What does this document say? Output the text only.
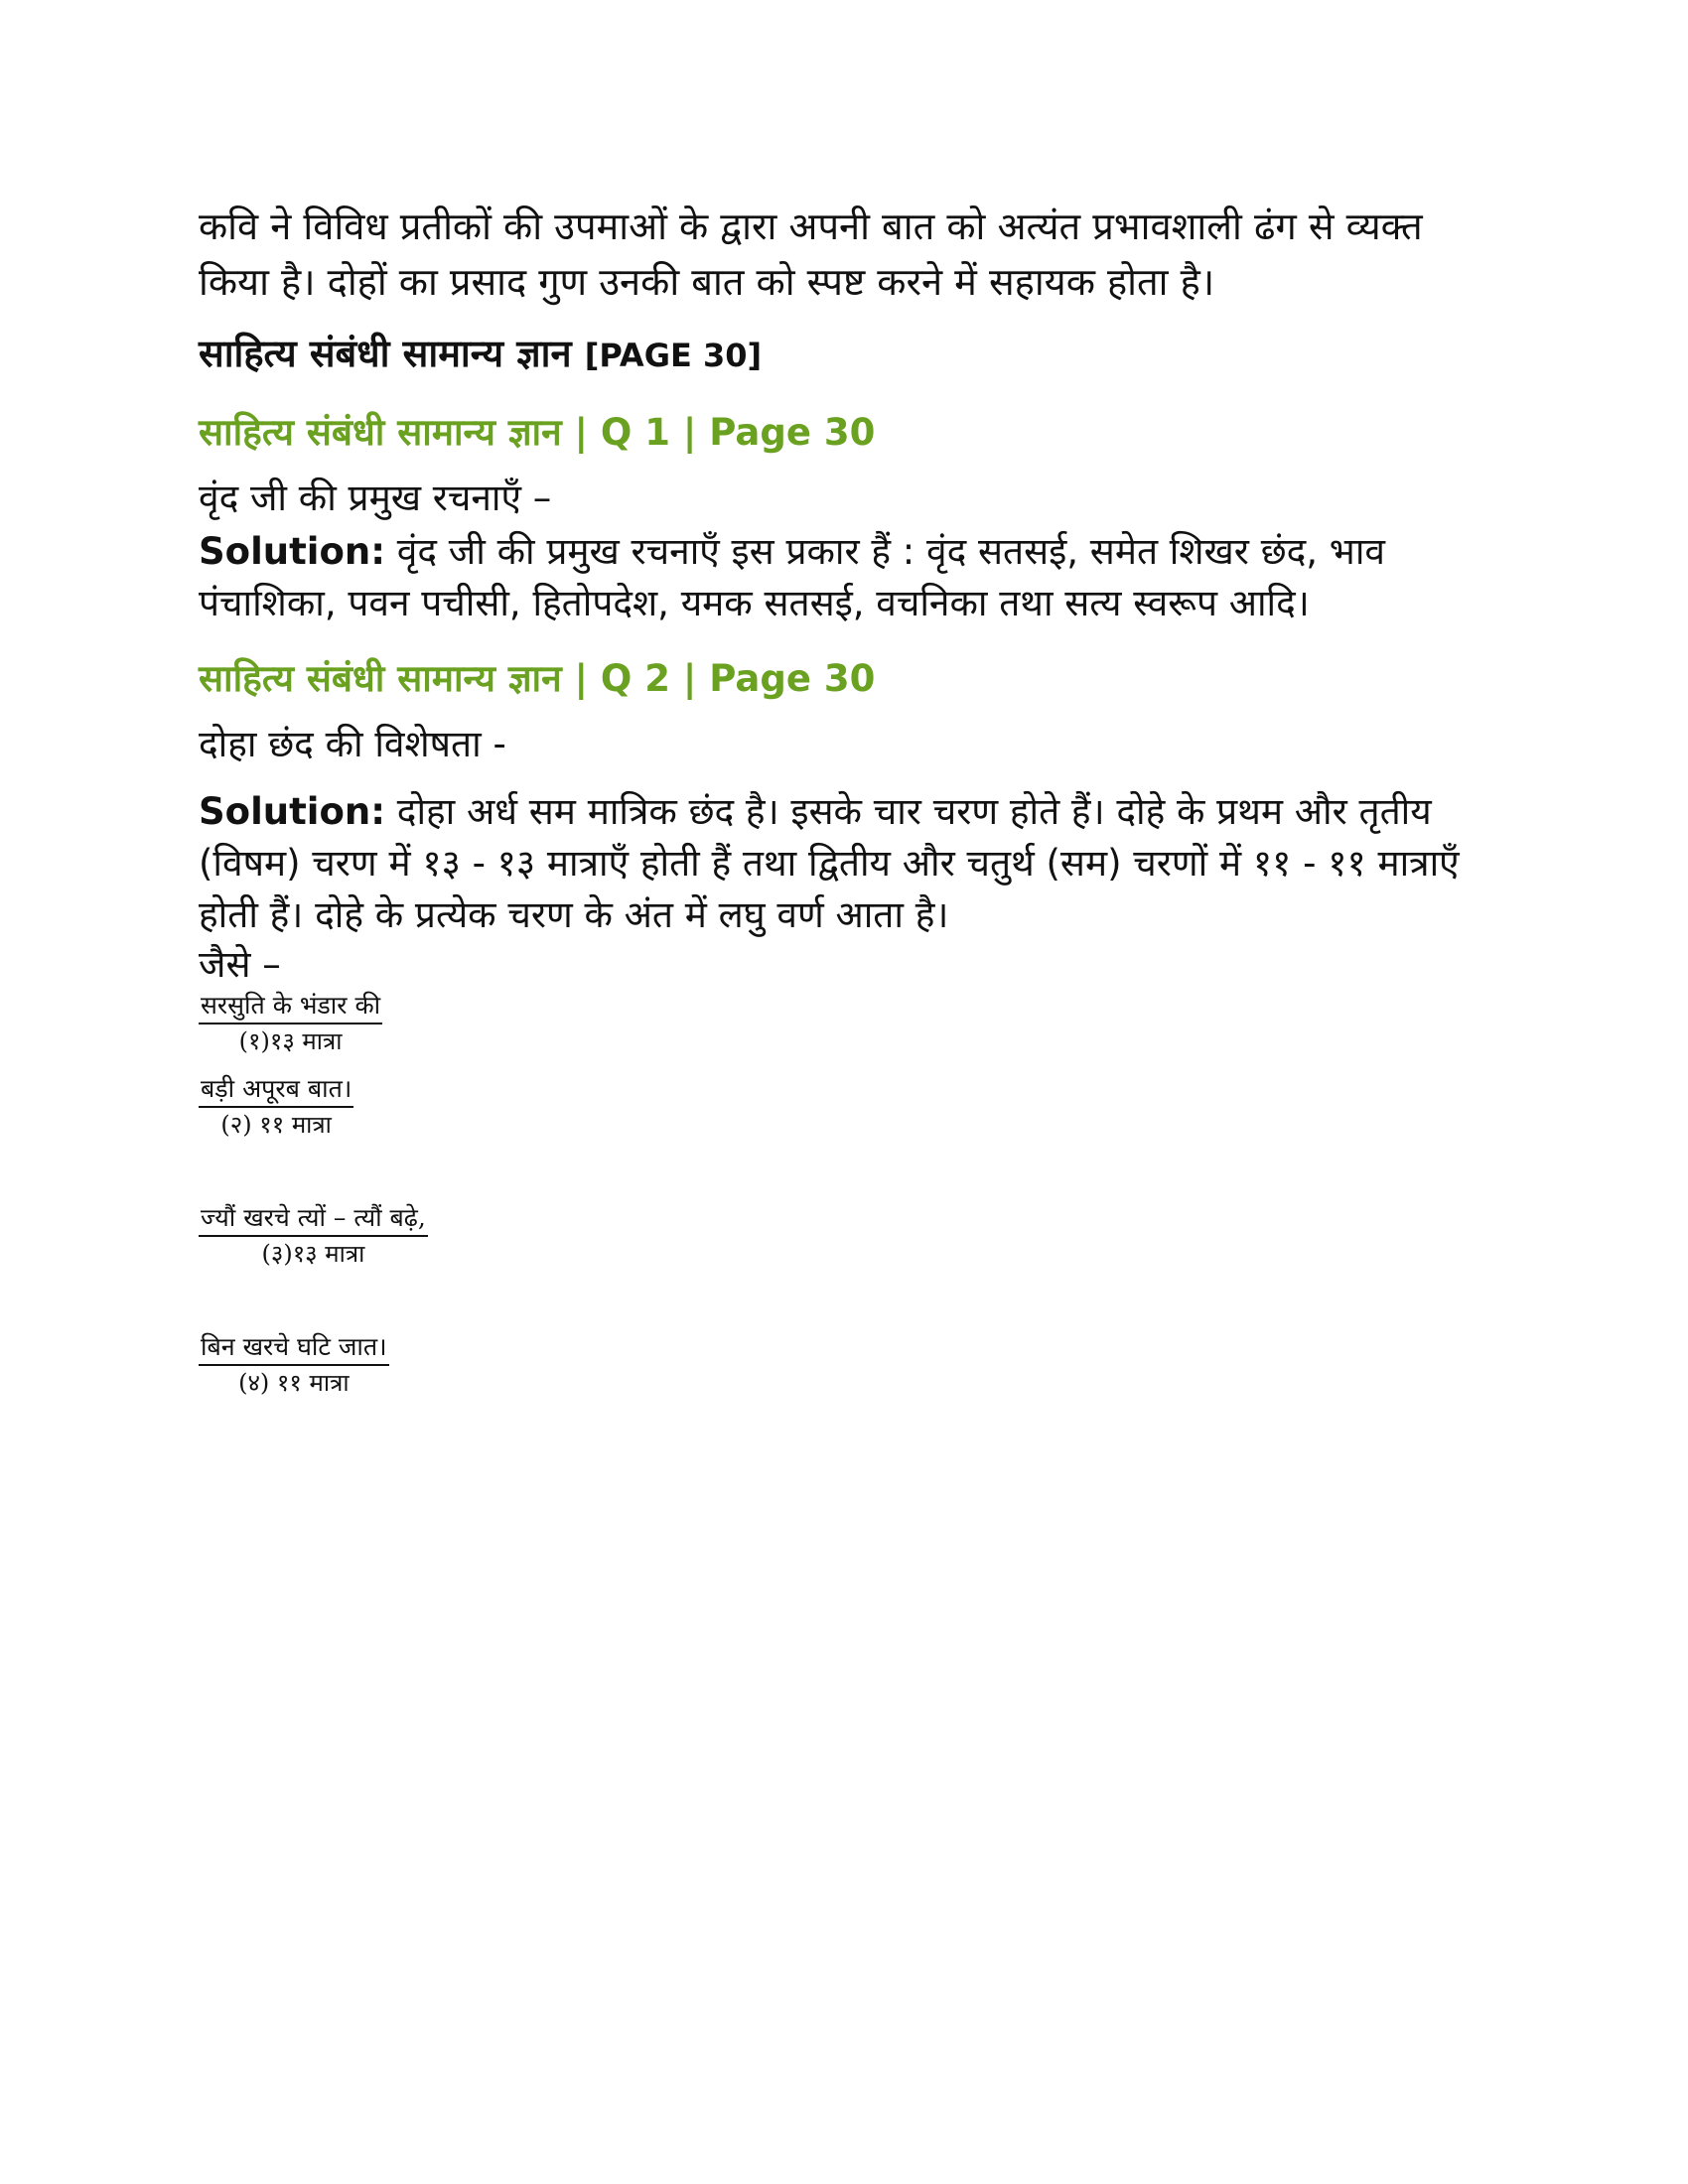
कवि ने विविध प्रतीकों की उपमाओं के द्वारा अपनी बात को अत्यंत प्रभावशाली ढंग से व्यक्त

किया है। दोहों का प्रसाद गुण उनकी बात को स्पष्ट करने में सहायक होता है।

साहित्य संबंधी सामान्य ज्ञान [PAGE 30]
साहित्य संबंधी सामान्य ज्ञान | Q 1 | Page 30

वृंद जी की प्रमुख रचनाएँ –

Solution: वृंद जी की प्रमुख रचनाएँ इस प्रकार हैं : वृंद सतसई, समेत शिखर छंद, भाव

पंचाशिका, पवन पचीसी, हितोपदेश, यमक सतसई, वचनिका तथा सत्य स्वरूप आदि।

साहित्य संबंधी सामान्य ज्ञान | Q 2 | Page 30

दोहा छंद की विशेषता -

Solution: दोहा अर्ध सम मात्रिक छंद है। इसके चार चरण होते हैं। दोहे के प्रथम और तृतीय

(विषम) चरण में १३ - १३ मात्राएँ होती हैं तथा द्वितीय और चतुर्थ (सम) चरणों में ११ - ११ मात्राएँ

होती हैं। दोहे के प्रत्येक चरण के अंत में लघु वर्ण आता है।

जैसे –

$\frac{\text{सरसुति के भंडार की}}{\text{(१)१३ मात्रा}}$
$\frac{\text{बड़ी अपूरब बात।}}{\text{(२) ११ मात्रा}}$
$\frac{\text{ज्यौं खरचे त्यों – त्यौं बढ़े,}}{\text{(३)१३ मात्रा}}$
$\frac{\text{बिन खरचे घटि जात।}}{\text{(४) ११ मात्रा}}$
